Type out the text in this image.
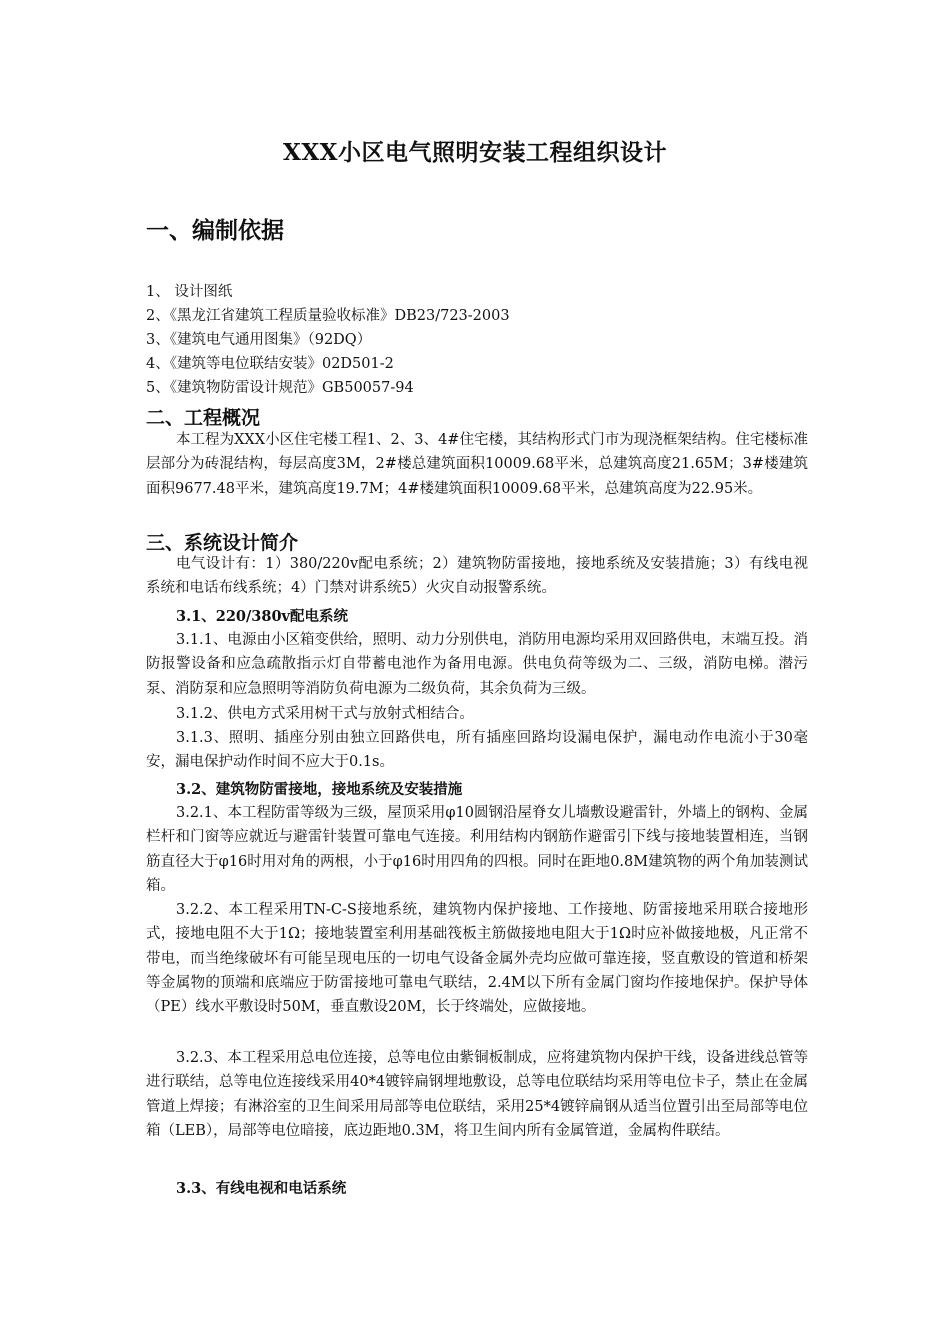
XXX小区电气照明安装工程组织设计
一、编制依据
1、 设计图纸
2、《黑龙江省建筑工程质量验收标准》DB23/723-2003
3、《建筑电气通用图集》（92DQ）
4、《建筑等电位联结安装》02D501-2
5、《建筑物防雷设计规范》GB50057-94
二、工程概况

本工程为XXX小区住宅楼工程1、2、3、4#住宅楼，其结构形式门市为现浇框架结构。住宅楼标准层部分为砖混结构，每层高度3M，2#楼总建筑面积10009.68平米，总建筑高度21.65M；3#楼建筑面积9677.48平米，建筑高度19.7M；4#楼建筑面积10009.68平米，总建筑高度为22.95米。

三、系统设计简介

电气设计有：1）380/220v配电系统；2）建筑物防雷接地，接地系统及安装措施；3）有线电视系统和电话布线系统；4）门禁对讲系统5）火灾自动报警系统。

3.1、220/380v配电系统

3.1.1、电源由小区箱变供给，照明、动力分别供电，消防用电源均采用双回路供电，末端互投。消防报警设备和应急疏散指示灯自带蓄电池作为备用电源。供电负荷等级为二、三级，消防电梯。潜污泵、消防泵和应急照明等消防负荷电源为二级负荷，其余负荷为三级。

3.1.2、供电方式采用树干式与放射式相结合。

3.1.3、照明、插座分别由独立回路供电，所有插座回路均设漏电保护，漏电动作电流小于30毫安，漏电保护动作时间不应大于0.1s。

3.2、建筑物防雷接地，接地系统及安装措施

3.2.1、本工程防雷等级为三级，屋顶采用φ10圆钢沿屋脊女儿墙敷设避雷针，外墙上的钢构、金属栏杆和门窗等应就近与避雷针装置可靠电气连接。利用结构内钢筋作避雷引下线与接地装置相连，当钢筋直径大于φ16时用对角的两根，小于φ16时用四角的四根。同时在距地0.8M建筑物的两个角加装测试箱。

3.2.2、本工程采用TN-C-S接地系统，建筑物内保护接地、工作接地、防雷接地采用联合接地形式，接地电阻不大于1Ω；接地装置室利用基础筏板主筋做接地电阻大于1Ω时应补做接地极，凡正常不带电，而当绝缘破坏有可能呈现电压的一切电气设备金属外壳均应做可靠连接，竖直敷设的管道和桥架等金属物的顶端和底端应于防雷接地可靠电气联结，2.4M以下所有金属门窗均作接地保护。保护导体（PE）线水平敷设时50M，垂直敷设20M，长于终端处，应做接地。

3.2.3、本工程采用总电位连接，总等电位由紫铜板制成，应将建筑物内保护干线，设备进线总管等进行联结，总等电位连接线采用40*4镀锌扁钢埋地敷设，总等电位联结均采用等电位卡子，禁止在金属管道上焊接；有淋浴室的卫生间采用局部等电位联结，采用25*4镀锌扁钢从适当位置引出至局部等电位箱（LEB），局部等电位暗接，底边距地0.3M，将卫生间内所有金属管道，金属构件联结。

3.3、有线电视和电话系统
